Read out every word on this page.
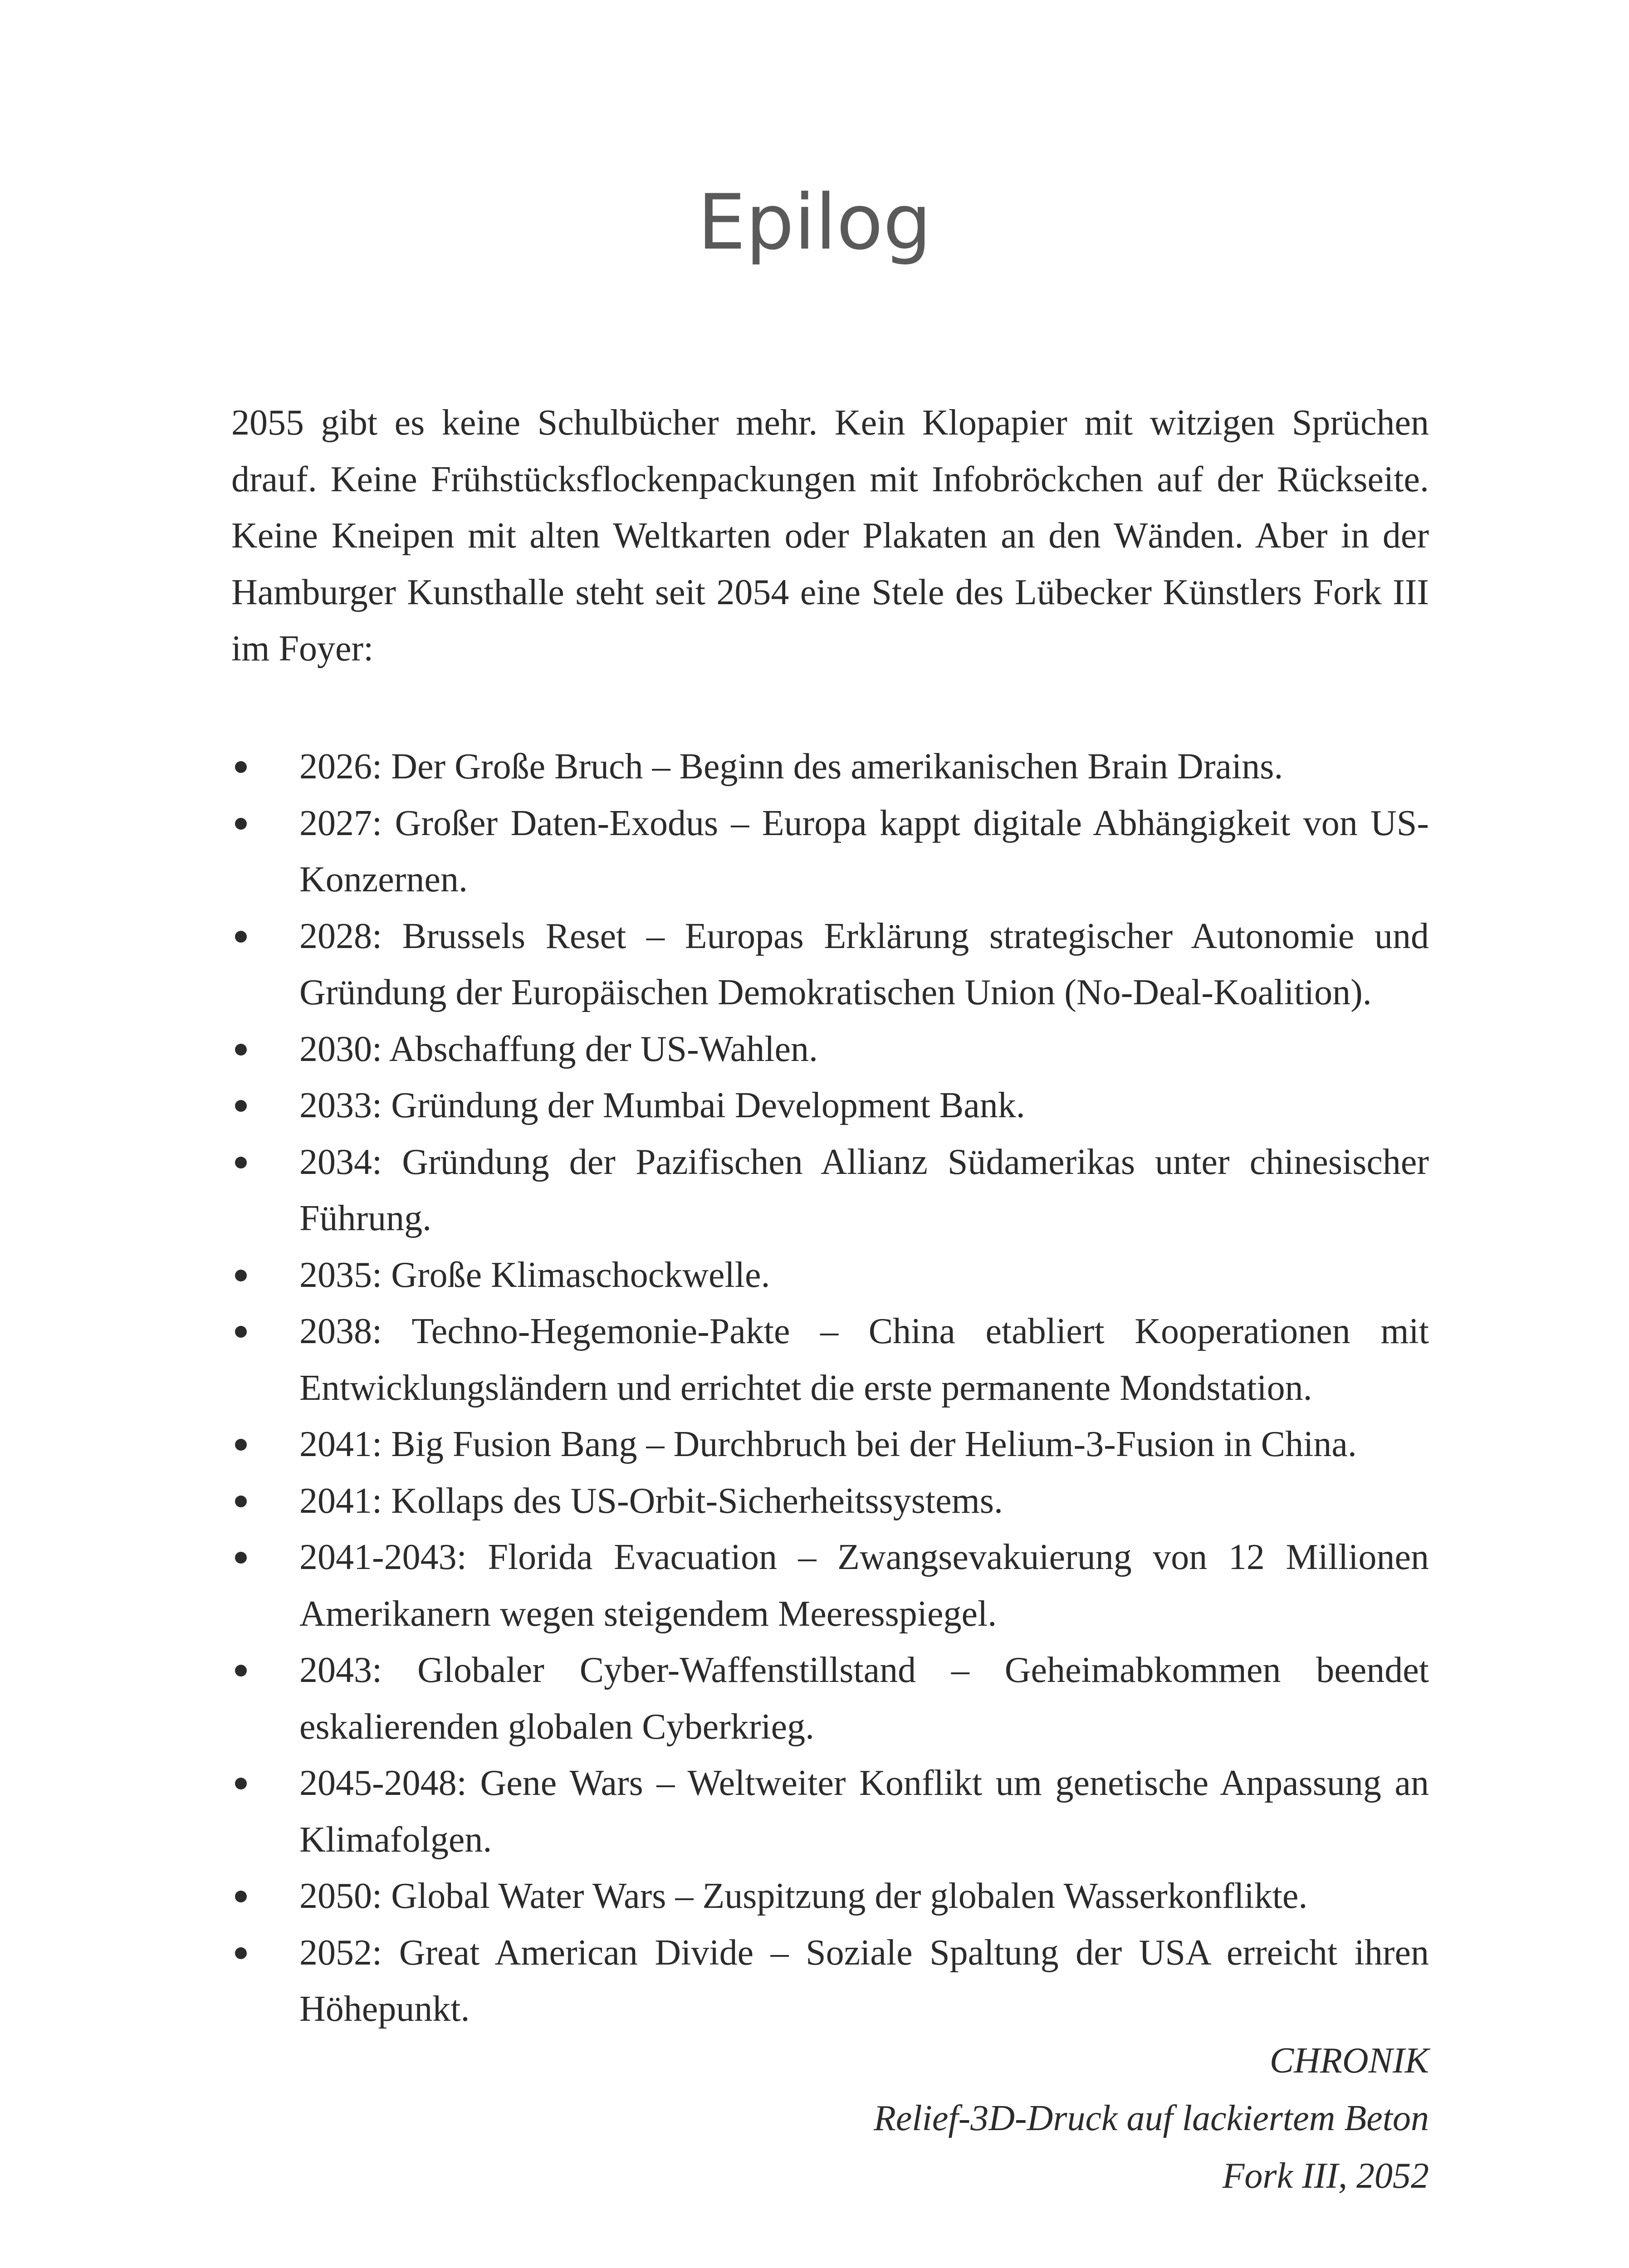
Epilog

2055 gibt es keine Schulbücher mehr. Kein Klopapier mit witzigen Sprüchen drauf. Keine Frühstücksflockenpackungen mit Infobröckchen auf der Rückseite. Keine Kneipen mit alten Weltkarten oder Plakaten an den Wänden. Aber in der Hamburger Kunsthalle steht seit 2054 eine Stele des Lübecker Künstlers Fork III im Foyer:

2026: Der Große Bruch – Beginn des amerikanischen Brain Drains.
2027: Großer Daten-Exodus – Europa kappt digitale Abhängigkeit von US-Konzernen.
2028: Brussels Reset – Europas Erklärung strategischer Autonomie und Gründung der Europäischen Demokratischen Union (No-Deal-Koalition).
2030: Abschaffung der US-Wahlen.
2033: Gründung der Mumbai Development Bank.
2034: Gründung der Pazifischen Allianz Südamerikas unter chinesischer Führung.
2035: Große Klimaschockwelle.
2038: Techno-Hegemonie-Pakte – China etabliert Kooperationen mit Entwicklungsländern und errichtet die erste permanente Mondstation.
2041: Big Fusion Bang – Durchbruch bei der Helium-3-Fusion in China.
2041: Kollaps des US-Orbit-Sicherheitssystems.
2041-2043: Florida Evacuation – Zwangsevakuierung von 12 Millionen Amerikanern wegen steigendem Meeresspiegel.
2043: Globaler Cyber-Waffenstillstand – Geheimabkommen beendet eskalierenden globalen Cyberkrieg.
2045-2048: Gene Wars – Weltweiter Konflikt um genetische Anpassung an Klimafolgen.
2050: Global Water Wars – Zuspitzung der globalen Wasserkonflikte.
2052: Great American Divide – Soziale Spaltung der USA erreicht ihren Höhepunkt.
CHRONIK
Relief-3D-Druck auf lackiertem Beton
Fork III, 2052
